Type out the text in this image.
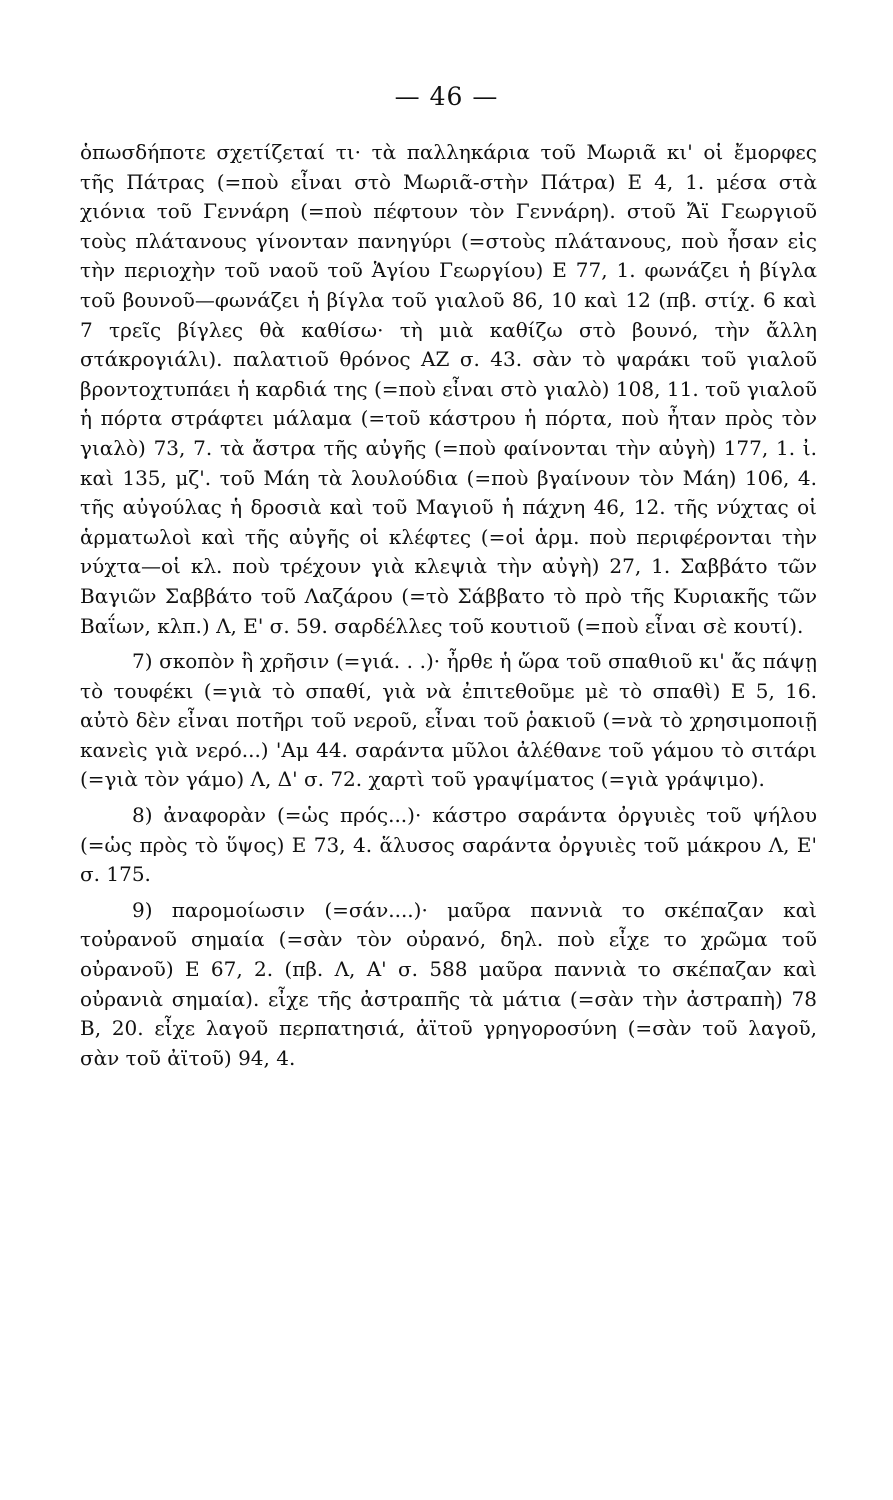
— 46 —

ὁπωσδήποτε σχετίζεταί τι· τὰ παλληκάρια τοῦ Μωριᾶ κι' οἱ ἔμορφες τῆς Πάτρας (=ποὺ εἶναι στὸ Μωριᾶ-στὴν Πάτρα) Ε 4, 1. μέσα στὰ χιόνια τοῦ Γεννάρη (=ποὺ πέφτουν τὸν Γεννάρη). στοῦ Ἄϊ Γεωργιοῦ τοὺς πλάτανους γίνονταν πανηγύρι (=στοὺς πλάτανους, ποὺ ἦσαν εἰς τὴν περιοχὴν τοῦ ναοῦ τοῦ Ἁγίου Γεωργίου) Ε 77, 1. φωνάζει ἡ βίγλα τοῦ βουνοῦ—φωνάζει ἡ βίγλα τοῦ γιαλοῦ 86, 10 καὶ 12 (πβ. στίχ. 6 καὶ 7 τρεῖς βίγλες θὰ καθίσω· τὴ μιὰ καθίζω στὸ βουνό, τὴν ἄλλη στάκρογιάλι). παλατιοῦ θρόνος ΑΖ σ. 43. σὰν τὸ ψαράκι τοῦ γιαλοῦ βροντοχτυπάει ἡ καρδιά της (=ποὺ εἶναι στὸ γιαλὸ) 108, 11. τοῦ γιαλοῦ ἡ πόρτα στράφτει μάλαμα (=τοῦ κάστρου ἡ πόρτα, ποὺ ἦταν πρὸς τὸν γιαλὸ) 73, 7. τὰ ἄστρα τῆς αὐγῆς (=ποὺ φαίνονται τὴν αὐγὴ) 177, 1. ἰ. καὶ 135, μζ'. τοῦ Μάη τὰ λουλούδια (=ποὺ βγαίνουν τὸν Μάη) 106, 4. τῆς αὐγούλας ἡ δροσιὰ καὶ τοῦ Μαγιοῦ ἡ πάχνη 46, 12. τῆς νύχτας οἱ ἁρματωλοὶ καὶ τῆς αὐγῆς οἱ κλέφτες (=οἱ ἁρμ. ποὺ περιφέρονται τὴν νύχτα—οἱ κλ. ποὺ τρέχουν γιὰ κλεψιὰ τὴν αὐγὴ) 27, 1. Σαββάτο τῶν Βαγιῶν Σαββάτο τοῦ Λαζάρου (=τὸ Σάββατο τὸ πρὸ τῆς Κυριακῆς τῶν Βαΐων, κλπ.) Λ, Ε' σ. 59. σαρδέλλες τοῦ κουτιοῦ (=ποὺ εἶναι σὲ κουτί).

7) σκοπὸν ἢ χρῆσιν (=γιά. . .)· ἦρθε ἡ ὥρα τοῦ σπαθιοῦ κι' ἄς πάψῃ τὸ τουφέκι (=γιὰ τὸ σπαθί, γιὰ νὰ ἐπιτεθοῦμε μὲ τὸ σπαθὶ) Ε 5, 16. αὐτὸ δὲν εἶναι ποτῆρι τοῦ νεροῦ, εἶναι τοῦ ῥακιοῦ (=νὰ τὸ χρησιμοποιῇ κανεὶς γιὰ νερό...) 'Αμ 44. σαράντα μῦλοι ἀλέθανε τοῦ γάμου τὸ σιτάρι (=γιὰ τὸν γάμο) Λ, Δ' σ. 72. χαρτὶ τοῦ γραψίματος (=γιὰ γράψιμο).

8) ἀναφορὰν (=ὡς πρός...)· κάστρο σαράντα ὀργυιὲς τοῦ ψήλου (=ὡς πρὸς τὸ ὕψος) Ε 73, 4. ἅλυσος σαράντα ὀργυιὲς τοῦ μάκρου Λ, Ε' σ. 175.

9) παρομοίωσιν (=σάν....)· μαῦρα παννιὰ το σκέπαζαν καὶ τοὐρανοῦ σημαία (=σὰν τὸν οὐρανό, δηλ. ποὺ εἶχε το χρῶμα τοῦ οὐρανοῦ) Ε 67, 2. (πβ. Λ, Α' σ. 588 μαῦρα παννιὰ το σκέπαζαν καὶ οὐρανιὰ σημαία). εἶχε τῆς ἀστραπῆς τὰ μάτια (=σὰν τὴν ἀστραπὴ) 78 Β, 20. εἶχε λαγοῦ περπατησιά, ἀϊτοῦ γρηγοροσύνη (=σὰν τοῦ λαγοῦ, σὰν τοῦ ἀϊτοῦ) 94, 4.
